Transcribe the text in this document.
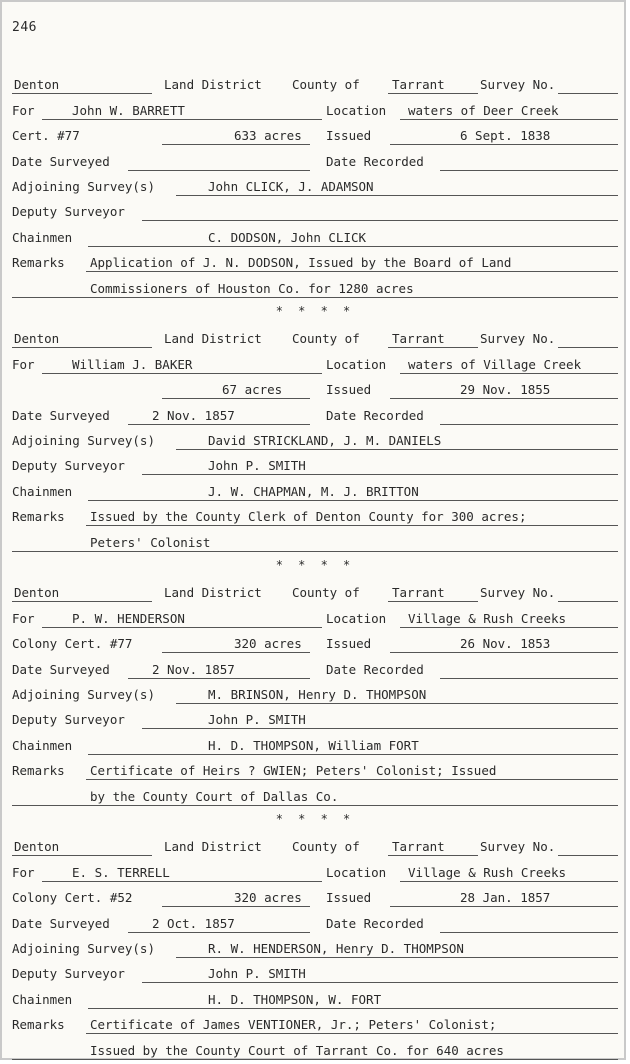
246
Denton	Land District County of	Tarrant	Survey No.
For	John W. BARRETT	Location waters of Deer Creek
Cert. #77	633 acres Issued	6 Sept. 1838
Date Surveyed	Date Recorded
Adjoining Survey(s)	John CLICK, J. ADAMSON
Deputy Surveyor
Chainmen	C. DODSON, John CLICK
Remarks Application of J. N. DODSON, Issued by the Board of Land
Commissioners of Houston Co. for 1280 acres
* * * *
Denton	Land District County of	Tarrant	Survey No.
For	William J. BAKER	Location waters of Village Creek
67 acres	Issued	29 Nov. 1855
Date Surveyed	2 Nov. 1857	Date Recorded
Adjoining Survey(s)	David STRICKLAND, J. M. DANIELS
Deputy Surveyor	John P. SMITH
Chainmen	J. W. CHAPMAN, M. J. BRITTON
Remarks Issued by the County Clerk of Denton County for 300 acres;
Peters' Colonist
* * * *
Denton	Land District County of	Tarrant	Survey No.
For	P. W. HENDERSON	Location Village & Rush Creeks
Colony Cert. #77	320 acres Issued	26 Nov. 1853
Date Surveyed	2 Nov. 1857	Date Recorded
Adjoining Survey(s)	M. BRINSON, Henry D. THOMPSON
Deputy Surveyor	John P. SMITH
Chainmen	H. D. THOMPSON, William FORT
Remarks Certificate of Heirs ? GWIEN; Peters' Colonist; Issued
by the County Court of Dallas Co.
* * * *
Denton	Land District County of	Tarrant	Survey No.
For	E. S. TERRELL	Location Village & Rush Creeks
Colony Cert. #52	320 acres Issued	28 Jan. 1857
Date Surveyed	2 Oct. 1857	Date Recorded
Adjoining Survey(s)	R. W. HENDERSON, Henry D. THOMPSON
Deputy Surveyor	John P. SMITH
Chainmen	H. D. THOMPSON, W. FORT
Remarks Certificate of James VENTIONER, Jr.; Peters' Colonist;
Issued by the County Court of Tarrant Co. for 640 acres
